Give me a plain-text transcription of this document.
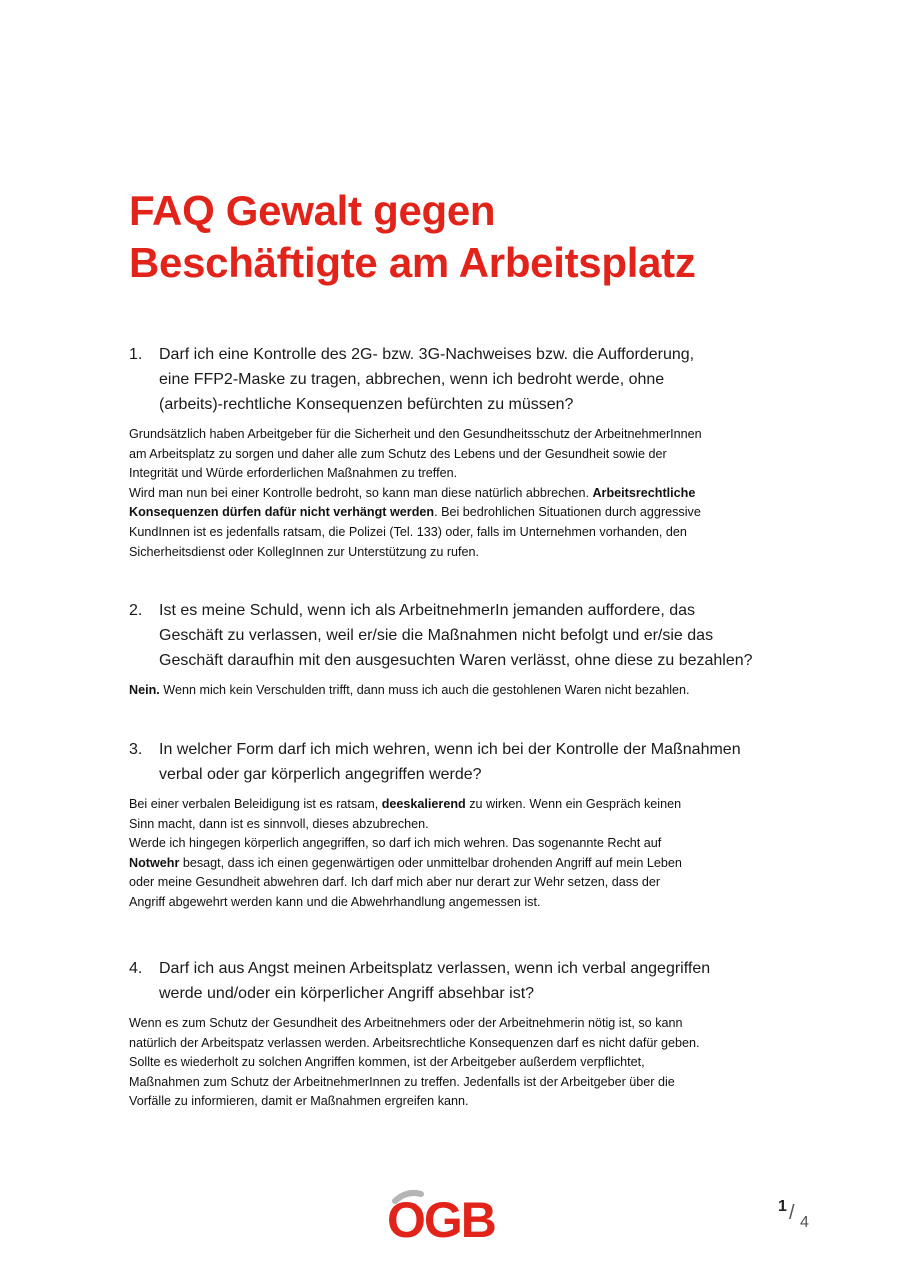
FAQ Gewalt gegen
Beschäftigte am Arbeitsplatz
1.	Darf ich eine Kontrolle des 2G- bzw. 3G-Nachweises bzw. die Aufforderung,
eine FFP2-Maske zu tragen, abbrechen, wenn ich bedroht werde, ohne
(arbeits)-rechtliche Konsequenzen befürchten zu müssen?
Grundsätzlich haben Arbeitgeber für die Sicherheit und den Gesundheitsschutz der ArbeitnehmerInnen
am Arbeitsplatz zu sorgen und daher alle zum Schutz des Lebens und der Gesundheit sowie der
Integrität und Würde erforderlichen Maßnahmen zu treffen.
Wird man nun bei einer Kontrolle bedroht, so kann man diese natürlich abbrechen. Arbeitsrechtliche
Konsequenzen dürfen dafür nicht verhängt werden. Bei bedrohlichen Situationen durch aggressive
KundInnen ist es jedenfalls ratsam, die Polizei (Tel. 133) oder, falls im Unternehmen vorhanden, den
Sicherheitsdienst oder KollegInnen zur Unterstützung zu rufen.
2.	Ist es meine Schuld, wenn ich als ArbeitnehmerIn jemanden auffordere, das
Geschäft zu verlassen, weil er/sie die Maßnahmen nicht befolgt und er/sie das
Geschäft daraufhin mit den ausgesuchten Waren verlässt, ohne diese zu bezahlen?
Nein. Wenn mich kein Verschulden trifft, dann muss ich auch die gestohlenen Waren nicht bezahlen.
3.	In welcher Form darf ich mich wehren, wenn ich bei der Kontrolle der Maßnahmen
verbal oder gar körperlich angegriffen werde?
Bei einer verbalen Beleidigung ist es ratsam, deeskalierend zu wirken. Wenn ein Gespräch keinen
Sinn macht, dann ist es sinnvoll, dieses abzubrechen.
Werde ich hingegen körperlich angegriffen, so darf ich mich wehren. Das sogenannte Recht auf
Notwehr besagt, dass ich einen gegenwärtigen oder unmittelbar drohenden Angriff auf mein Leben
oder meine Gesundheit abwehren darf. Ich darf mich aber nur derart zur Wehr setzen, dass der
Angriff abgewehrt werden kann und die Abwehrhandlung angemessen ist.
4.	Darf ich aus Angst meinen Arbeitsplatz verlassen, wenn ich verbal angegriffen
werde und/oder ein körperlicher Angriff absehbar ist?
Wenn es zum Schutz der Gesundheit des Arbeitnehmers oder der Arbeitnehmerin nötig ist, so kann
natürlich der Arbeitspatz verlassen werden. Arbeitsrechtliche Konsequenzen darf es nicht dafür geben.
Sollte es wiederholt zu solchen Angriffen kommen, ist der Arbeitgeber außerdem verpflichtet,
Maßnahmen zum Schutz der ArbeitnehmerInnen zu treffen. Jedenfalls ist der Arbeitgeber über die
Vorfälle zu informieren, damit er Maßnahmen ergreifen kann.
OGB	1 / 4
